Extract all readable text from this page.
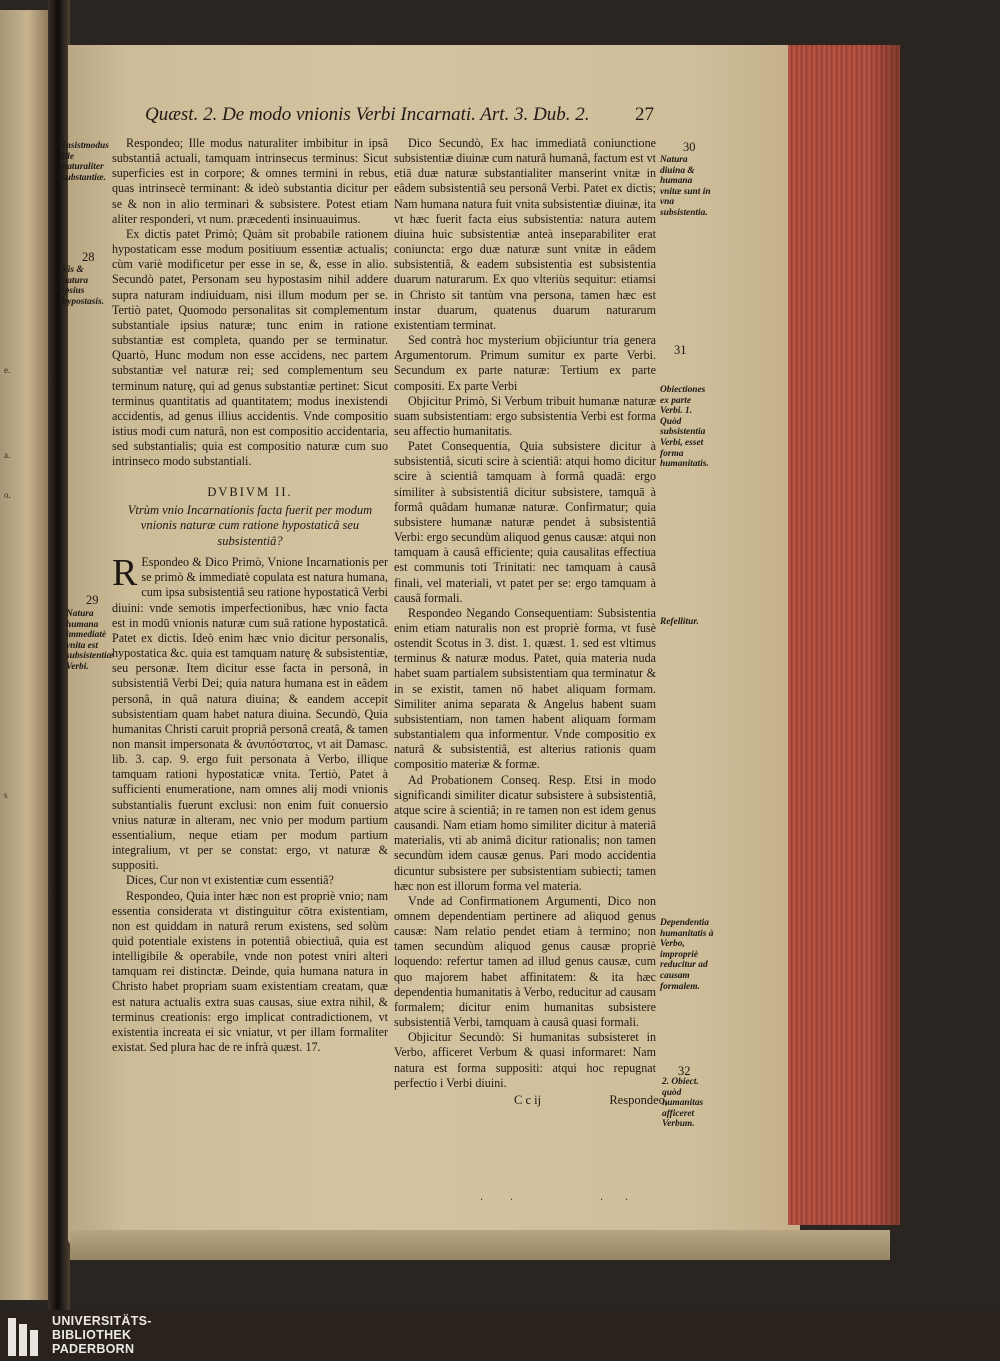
e.
a.
o.
s
Quæst. 2. De modo vnionis Verbi Incarnati. Art. 3. Dub. 2. 27

Respondeo; Ille modus naturaliter imbibitur in ipsâ substantiâ actuali, tamquam intrinsecus terminus: Sicut superficies est in corpore; & omnes termini in rebus, quas intrinsecè terminant: & ideò substantia dicitur per se & non in alio terminari & subsistere. Potest etiam aliter responderi, vt num. præcedenti insinuauimus.

Ex dictis patet Primò; Quàm sit probabile rationem hypostaticam esse modum positiuum essentiæ actualis; cùm variè modificetur per esse in se, &, esse in alio. Secundò patet, Personam seu hypostasim nihil addere supra naturam indiuiduam, nisi illum modum per se. Tertiò patet, Quomodo personalitas sit complementum substantiale ipsius naturæ; tunc enim in ratione substantiæ est completa, quando per se terminatur. Quartò, Hunc modum non esse accidens, nec partem substantiæ vel naturæ rei; sed complementum seu terminum naturę, qui ad genus substantiæ pertinet: Sicut terminus quantitatis ad quantitatem; modus inexistendi accidentis, ad genus illius accidentis. Vnde compositio istius modi cum naturâ, non est compositio accidentaria, sed substantialis; quia est compositio naturæ cum suo intrinseco modo substantiali.

DVBIVM II.
Vtrùm vnio Incarnationis facta fuerit per modum vnionis naturæ cum ratione hypostaticâ seu subsistentiâ?

R Espondeo & Dico Primò, Vnione Incarnationis per se primò & immediatè copulata est natura humana, cum ipsa subsistentiâ seu ratione hypostaticâ Verbi diuini: vnde semotis imperfectionibus, hæc vnio facta est in modū vnionis naturæ cum suâ ratione hypostaticâ. Patet ex dictis. Ideò enim hæc vnio dicitur personalis, hypostatica &c. quia est tamquam naturę & subsistentiæ, seu personæ. Item dicitur esse facta in personâ, in subsistentiâ Verbi Dei; quia natura humana est in eâdem personâ, in quâ natura diuina; & eandem accepit subsistentiam quam habet natura diuina. Secundò, Quia humanitas Christi caruit propriâ personâ creatâ, & tamen non mansit impersonata & ἀνυπόστατος, vt ait Damasc. lib. 3. cap. 9. ergo fuit personata à Verbo, illique tamquam rationi hypostaticæ vnita. Tertiò, Patet à sufficienti enumeratione, nam omnes alij modi vnionis substantialis fuerunt exclusi: non enim fuit conuersio vnius naturæ in alteram, nec vnio per modum partium essentialium, neque etiam per modum partium integralium, vt per se constat: ergo, vt naturæ & suppositi.

Dices, Cur non vt existentiæ cum essentiâ?

Respondeo, Quia inter hæc non est propriè vnio; nam essentia considerata vt distinguitur cōtra existentiam, non est quiddam in naturâ rerum existens, sed solùm quid potentiale existens in potentiâ obiectiuâ, quia est intelligibile & operabile, vnde non potest vniri alteri tamquam rei distinctæ. Deinde, quia humana natura in Christo habet propriam suam existentiam creatam, quæ est natura actualis extra suas causas, siue extra nihil, & terminus creationis: ergo implicat contradictionem, vt existentia increata ei sic vniatur, vt per illam formaliter existat. Sed plura hac de re infrà quæst. 17.

Dico Secundò, Ex hac immediatâ coniunctione subsistentiæ diuinæ cum naturâ humanâ, factum est vt etiā duæ naturæ substantialiter manserint vnitæ in eâdem subsistentiâ seu personâ Verbi. Patet ex dictis; Nam humana natura fuit vnita subsistentiæ diuinæ, ita vt hæc fuerit facta eius subsistentia: natura autem diuina huic subsistentiæ anteà inseparabiliter erat coniuncta: ergo duæ naturæ sunt vnitæ in eâdem subsistentiâ, & eadem subsistentia est subsistentia duarum naturarum. Ex quo vlteriùs sequitur: etiamsi in Christo sit tantùm vna persona, tamen hæc est instar duarum, quatenus duarum naturarum existentiam terminat.

Sed contrà hoc mysterium objiciuntur tria genera Argumentorum. Primum sumitur ex parte Verbi. Secundum ex parte naturæ: Tertium ex parte compositi. Ex parte Verbi

Objicitur Primò, Si Verbum tribuit humanæ naturæ suam subsistentiam: ergo subsistentia Verbi est forma seu affectio humanitatis.

Patet Consequentia, Quia subsistere dicitur à subsistentiâ, sicuti scire à scientiâ: atqui homo dicitur scire à scientiâ tamquam à formâ quadā: ergo similiter à subsistentiâ dicitur subsistere, tamquā à formâ quâdam humanæ naturæ. Confirmatur; quia subsistere humanæ naturæ pendet à subsistentiâ Verbi: ergo secundùm aliquod genus causæ: atqui non tamquam à causâ efficiente; quia causalitas effectiua est communis toti Trinitati: nec tamquam à causâ finali, vel materiali, vt patet per se: ergo tamquam à causâ formali.

Respondeo Negando Consequentiam: Subsistentia enim etiam naturalis non est propriè forma, vt fusè ostendit Scotus in 3. dist. 1. quæst. 1. sed est vltimus terminus & naturæ modus. Patet, quia materia nuda habet suam partialem subsistentiam qua terminatur & in se existit, tamen nō habet aliquam formam. Similiter anima separata & Angelus habent suam subsistentiam, non tamen habent aliquam formam substantialem qua informentur. Vnde compositio ex naturâ & subsistentiâ, est alterius rationis quam compositio materiæ & formæ.

Ad Probationem Conseq. Resp. Etsi in modo significandi similiter dicatur subsistere à subsistentiâ, atque scire à scientiâ; in re tamen non est idem genus causandi. Nam etiam homo similiter dicitur à materiâ materialis, vti ab animâ dicitur rationalis; non tamen secundùm idem causæ genus. Pari modo accidentia dicuntur subsistere per subsistentiam subiecti; tamen hæc non est illorum forma vel materia.

Vnde ad Confirmationem Argumenti, Dico non omnem dependentiam pertinere ad aliquod genus causæ: Nam relatio pendet etiam à termino; non tamen secundùm aliquod genus causæ propriè loquendo: refertur tamen ad illud genus causæ, cum quo majorem habet affinitatem: & ita hæc dependentia humanitatis à Verbo, reducitur ad causam formalem; dicitur enim humanitas subsistere subsistentiâ Verbi, tamquam à causâ quasi formali.

Objicitur Secundò: Si humanitas subsisteret in Verbo, afficeret Verbum & quasi informaret: Nam natura est forma suppositi: atqui hoc repugnat perfectio i Verbi diuini.

C c ij	Respondeo,
Insistmodus ille naturaliter substantiæ.
28
Vis & natura ipsius hypostasis.
29
Natura humana immediatè vnita est subsistentiæ Verbi.
30
Natura diuina & humana vnitæ sunt in vna subsistentia.
31
Obiectiones ex parte Verbi. 1. Quòd subsistentia Verbi, esset forma humanitatis.
Refellitur.
Dependentia humanitatis à Verbo, impropriè reducitur ad causam formalem.
32
2. Obiect. quòd humanitas afficeret Verbum.
·	·	· ·
UNIVERSITÄTS-
BIBLIOTHEK
PADERBORN
